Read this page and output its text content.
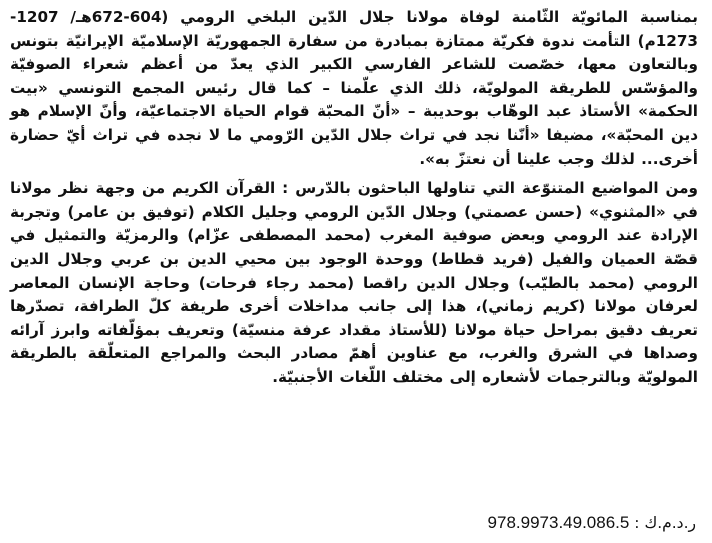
بمناسبة المائويّة الثّامنة لوفاة مولانا جلال الدّين البلخي الرومي (604-672هـ/ 1207-1273م) التأمت ندوة فكريّة ممتازة بمبادرة من سفارة الجمهوريّة الإسلاميّة الإيرانيّة بتونس وبالتعاون معها، خصّصت للشاعر الفارسي الكبير الذي يعدّ من أعظم شعراء الصوفيّة والمؤسّس للطريقة المولويّة، ذلك الذي علّمنا – كما قال رئيس المجمع التونسي «بيت الحكمة» الأستاذ عبد الوهّاب بوحديبة – «أنّ المحبّة قوام الحياة الاجتماعيّة، وأنّ الإسلام هو دين المحبّة»، مضيفا «أنّنا نجد في تراث جلال الدّين الرّومي ما لا نجده في تراث أيّ حضارة أخرى... لذلك وجب علينا أن نعتزّ به».

ومن المواضيع المتنوّعة التي تناولها الباحثون بالدّرس : القرآن الكريم من وجهة نظر مولانا في «المثنوي» (حسن عصمتي) وجلال الدّين الرومي وجليل الكلام (توفيق بن عامر) وتجربة الإرادة عند الرومي وبعض صوفية المغرب (محمد المصطفى عزّام) والرمزيّة والتمثيل في قصّة العميان والفيل (فريد قطاط) ووحدة الوجود بين محيي الدين بن عربي وجلال الدين الرومي (محمد بالطيّب) وجلال الدين راقصا (محمد رجاء فرحات) وحاجة الإنسان المعاصر لعرفان مولانا (كريم زماني)، هذا إلى جانب مداخلات أخرى طريفة كلّ الطرافة، تصدّرها تعريف دقيق بمراحل حياة مولانا (للأستاذ مقداد عرفة منسيّة) وتعريف بمؤلّفاته وابرز آرائه وصداها في الشرق والغرب، مع عناوين أهمّ مصادر البحث والمراجع المتعلّقة بالطريقة المولويّة وبالترجمات لأشعاره إلى مختلف اللّغات الأجنبيّة.

ر.د.م.ك : 978.9973.49.086.5
